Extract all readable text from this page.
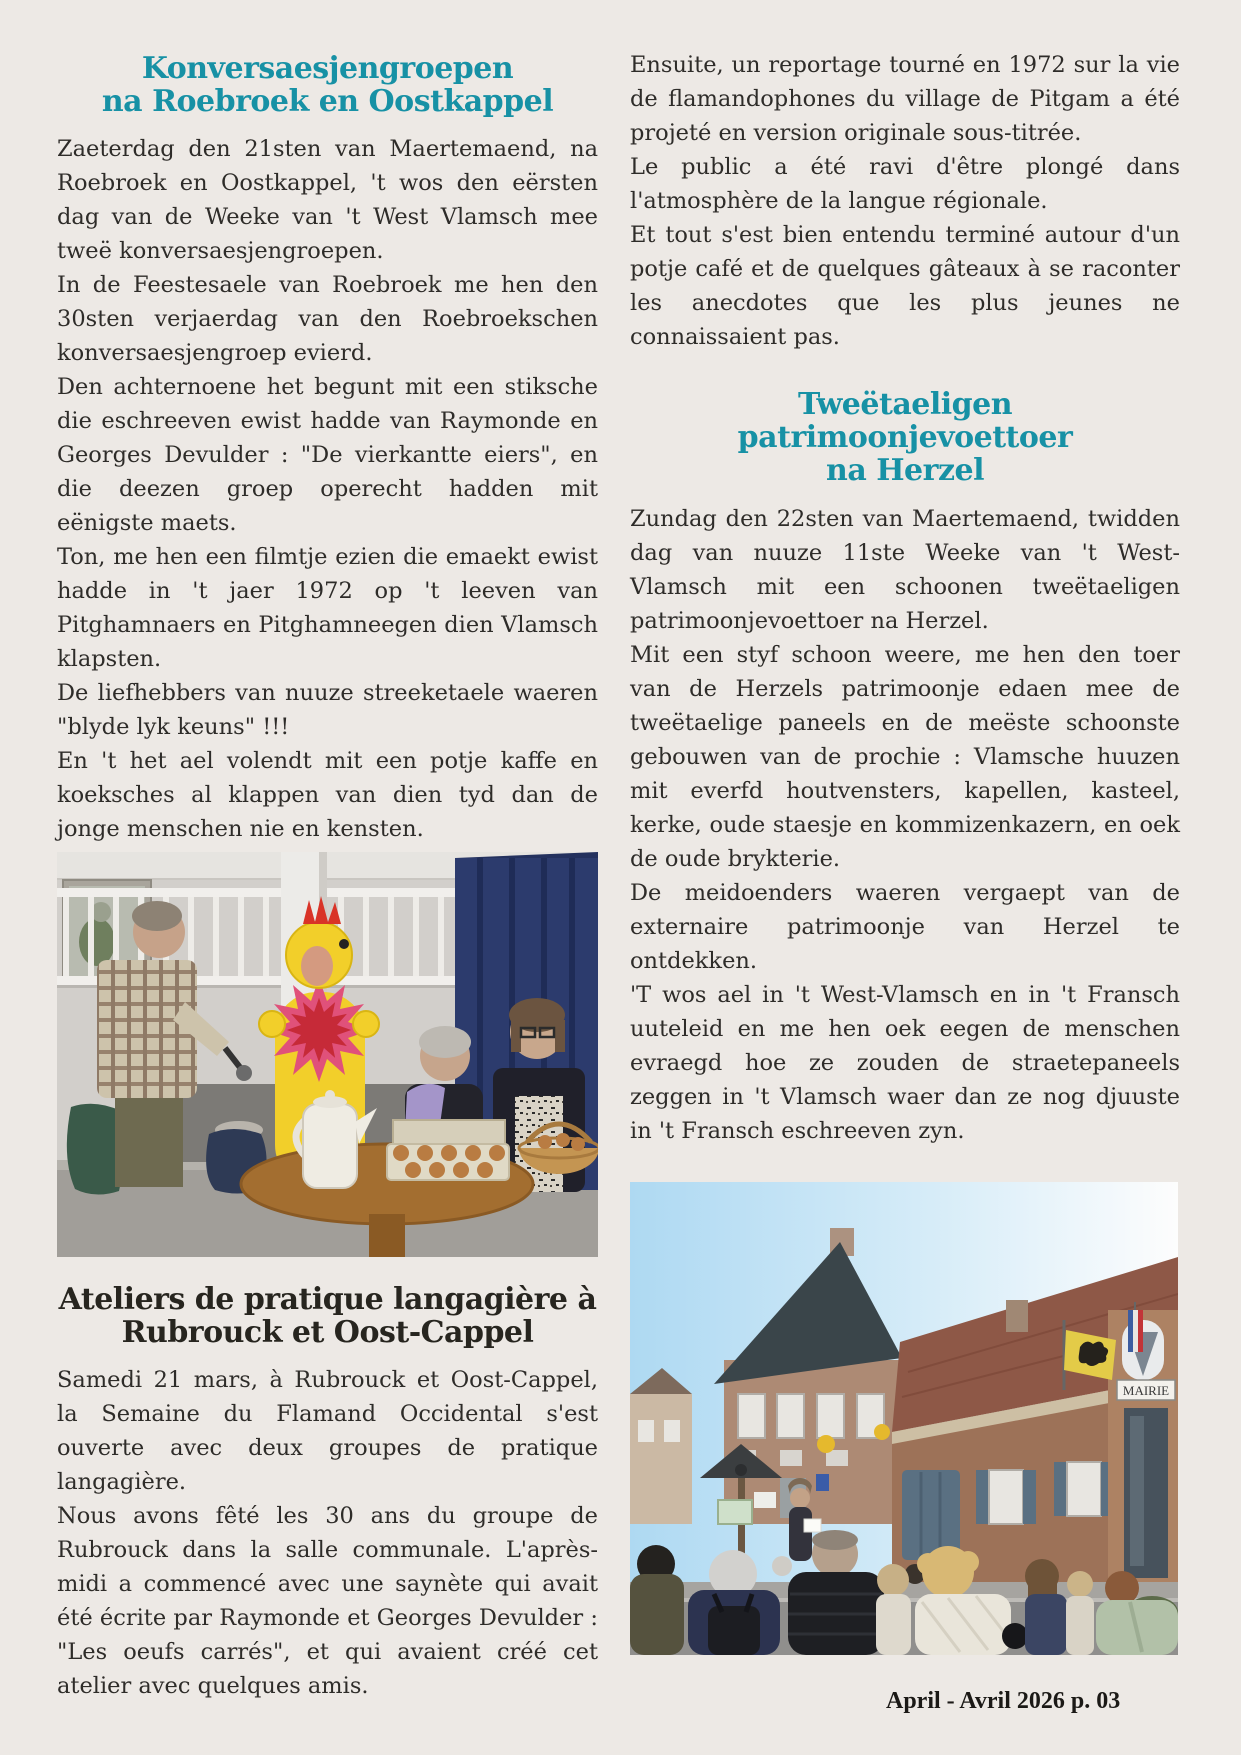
Konversaesjengroepen
na Roebroek en Oostkappel

Zaeterdag den 21sten van Maertemaend, na Roebroek en Oostkappel, 't wos den eërsten dag van de Weeke van 't West Vlamsch mee tweë konversaesjengroepen.

In de Feestesaele van Roebroek me hen den 30sten verjaerdag van den Roebroekschen konversaesjengroep evierd.

Den achternoene het begunt mit een stiksche die eschreeven ewist hadde van Raymonde en Georges Devulder : "De vierkantte eiers", en die deezen groep operecht hadden mit eënigste maets.

Ton, me hen een filmtje ezien die emaekt ewist hadde in 't jaer 1972 op 't leeven van Pitghamnaers en Pitghamneegen dien Vlamsch klapsten.

De liefhebbers van nuuze streeketaele waeren "blyde lyk keuns" !!!

En 't het ael volendt mit een potje kaffe en koeksches al klappen van dien tyd dan de jonge menschen nie en kensten.

Ateliers de pratique langagière à
Rubrouck et Oost-Cappel

Samedi 21 mars, à Rubrouck et Oost-Cappel, la Semaine du Flamand Occidental s'est ouverte avec deux groupes de pratique langagière.

Nous avons fêté les 30 ans du groupe de Rubrouck dans la salle communale. L'après-midi a commencé avec une saynète qui avait été écrite par Raymonde et Georges Devulder : "Les oeufs carrés", et qui avaient créé cet atelier avec quelques amis.

Ensuite, un reportage tourné en 1972 sur la vie de flamandophones du village de Pitgam a été projeté en version originale sous-titrée.

Le public a été ravi d'être plongé dans l'atmosphère de la langue régionale.

Et tout s'est bien entendu terminé autour d'un potje café et de quelques gâteaux à se raconter les anecdotes que les plus jeunes ne connaissaient pas.

Tweëtaeligen patrimoonjevoettoer
na Herzel

Zundag den 22sten van Maertemaend, twidden dag van nuuze 11ste Weeke van 't West-Vlamsch mit een schoonen tweëtaeligen patrimoonjevoettoer na Herzel.

Mit een styf schoon weere, me hen den toer van de Herzels patrimoonje edaen mee de tweëtaelige paneels en de meëste schoonste gebouwen van de prochie : Vlamsche huuzen mit everfd houtvensters, kapellen, kasteel, kerke, oude staesje en kommizenkazern, en oek de oude brykterie.

De meidoenders waeren vergaept van de externaire patrimoonje van Herzel te ontdekken.

'T wos ael in 't West-Vlamsch en in 't Fransch uuteleid en me hen oek eegen de menschen evraegd hoe ze zouden de straetepaneels zeggen in 't Vlamsch waer dan ze nog djuuste in 't Fransch eschreeven zyn.

MAIRIE
April - Avril 2026 p. 03
